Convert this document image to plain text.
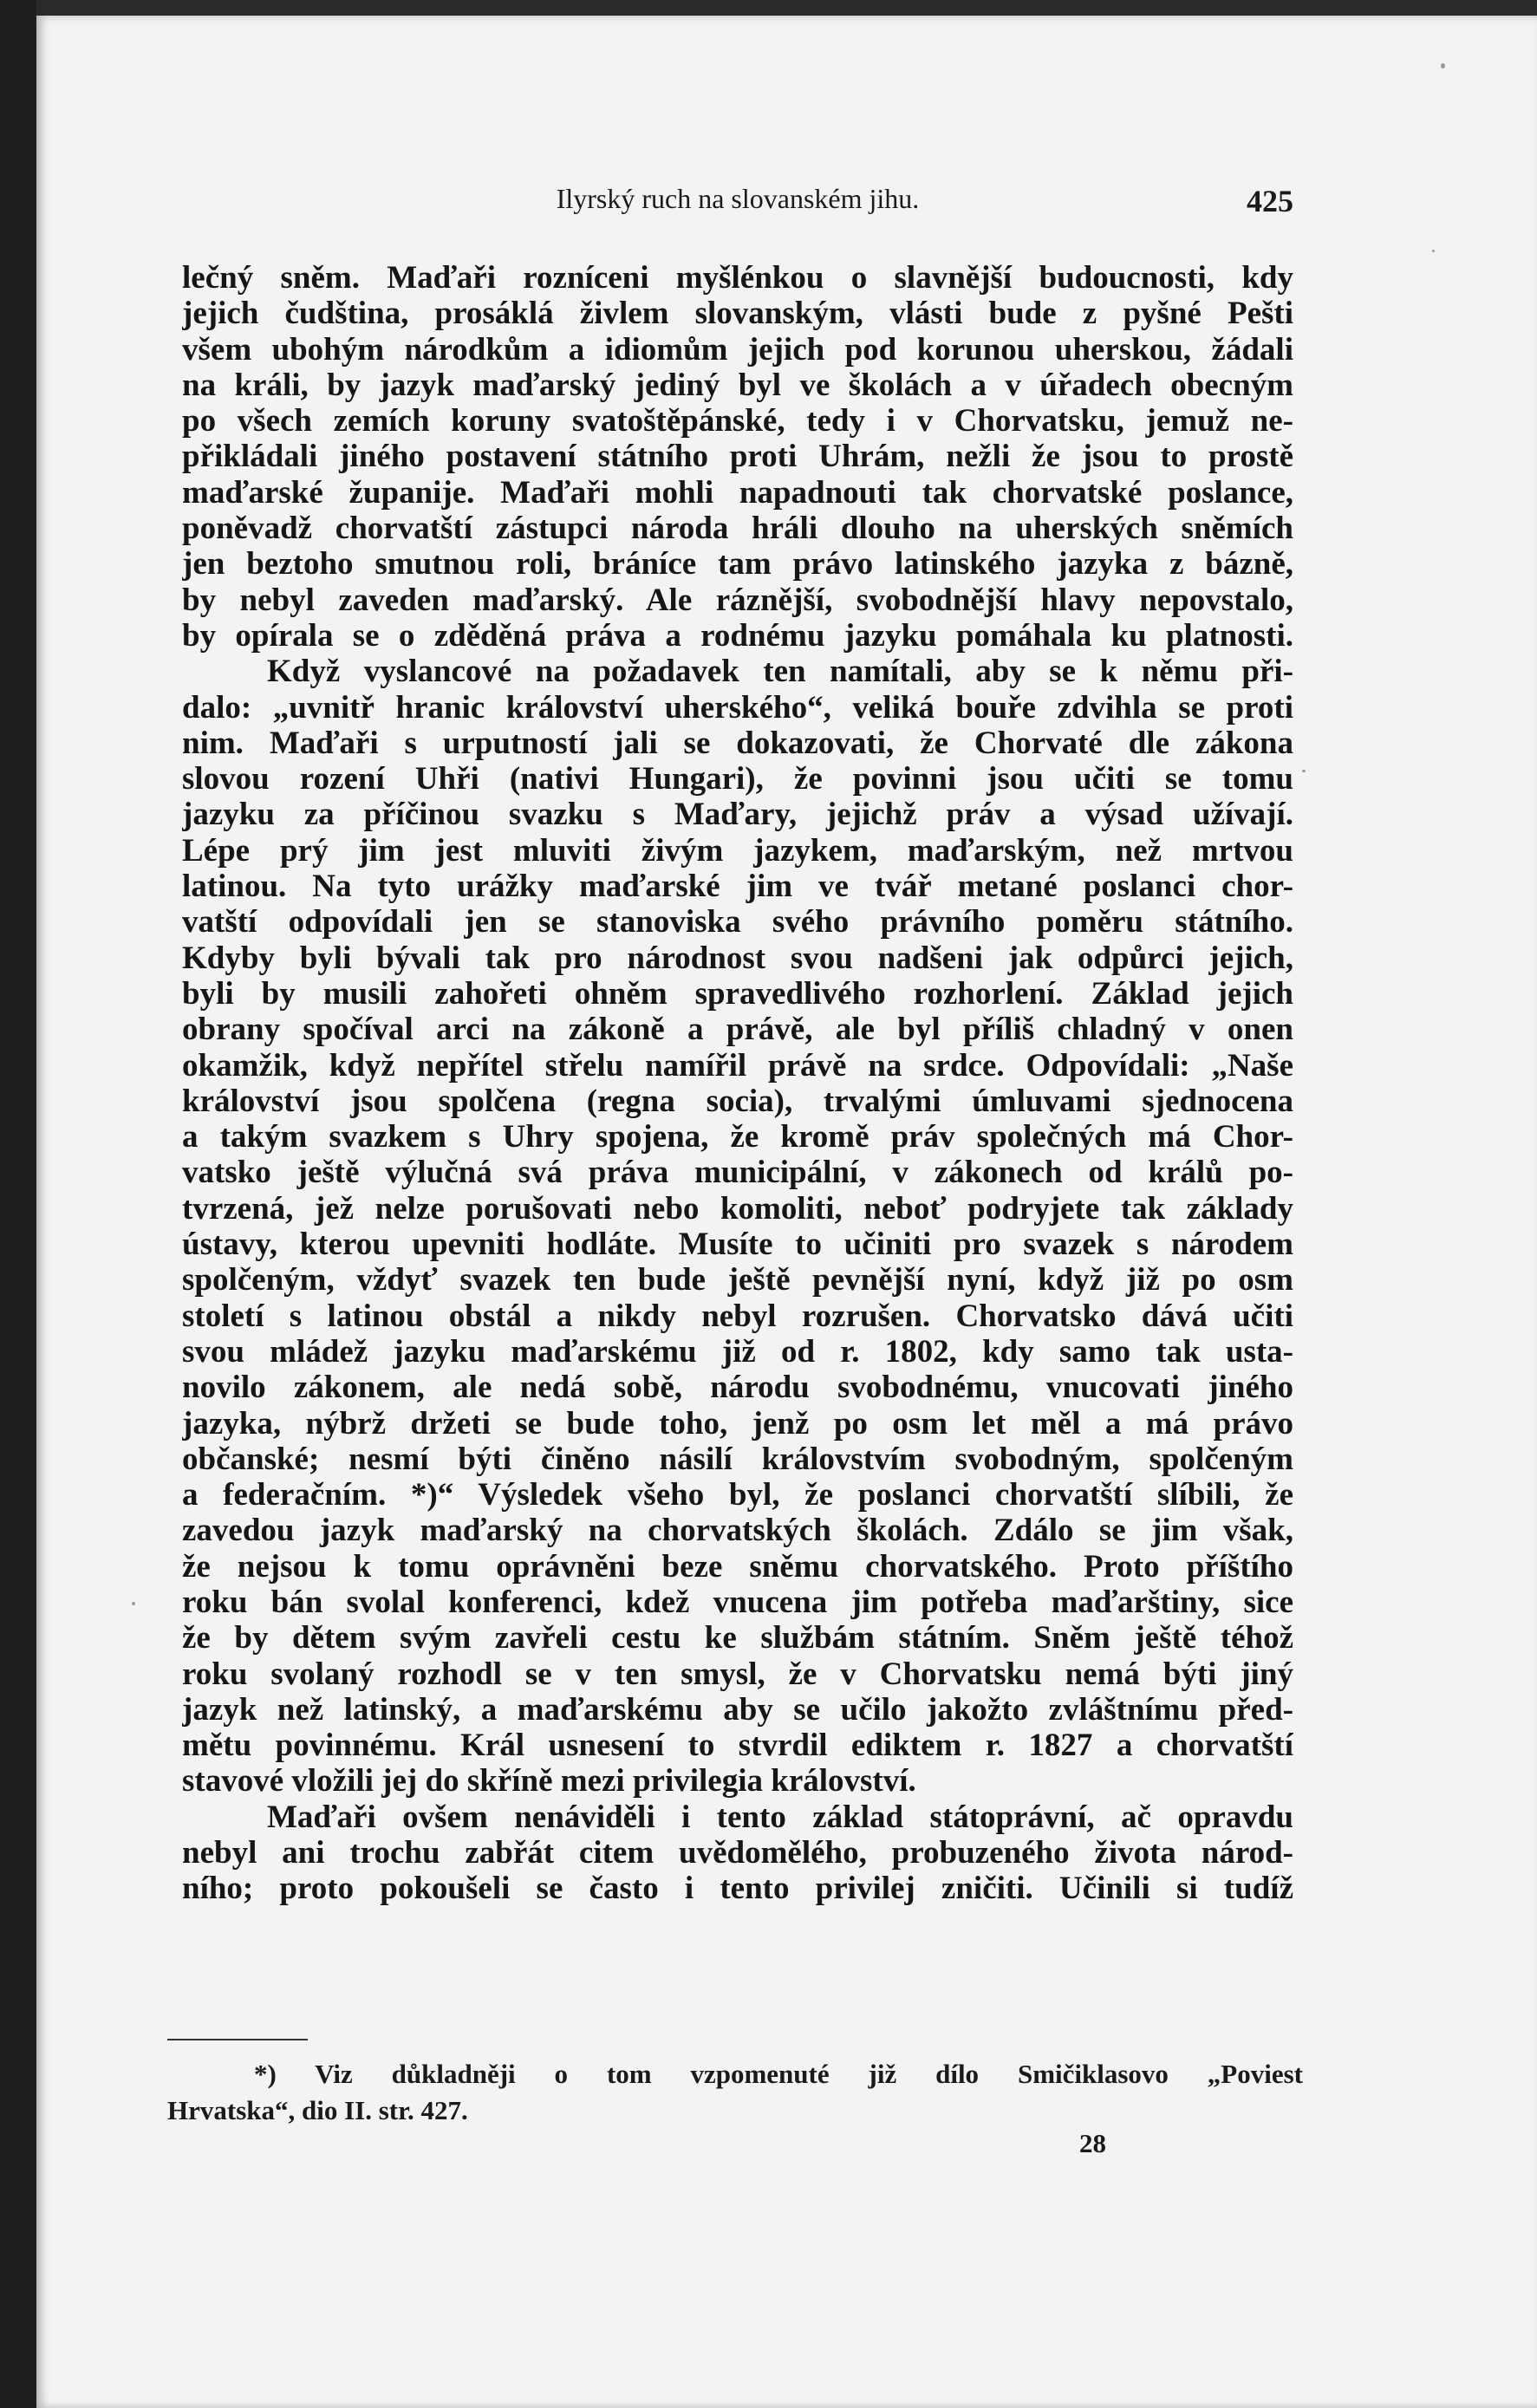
Ilyrský ruch na slovanském jihu.	425
lečný sněm. Maďaři rozníceni myšlénkou o slavnější budoucnosti, kdy
jejich čudština, prosáklá živlem slovanským, vlásti bude z pyšné Pešti
všem ubohým národkům a idiomům jejich pod korunou uherskou, žádali
na králi, by jazyk maďarský jediný byl ve školách a v úřadech obecným
po všech zemích koruny svatoštěpánské, tedy i v Chorvatsku, jemuž ne-
přikládali jiného postavení státního proti Uhrám, nežli že jsou to prostě
maďarské županije. Maďaři mohli napadnouti tak chorvatské poslance,
poněvadž chorvatští zástupci národa hráli dlouho na uherských sněmích
jen beztoho smutnou roli, bráníce tam právo latinského jazyka z bázně,
by nebyl zaveden maďarský. Ale ráznější, svobodnější hlavy nepovstalo,
by opírala se o zděděná práva a rodnému jazyku pomáhala ku platnosti.
Když vyslancové na požadavek ten namítali, aby se k němu při-
dalo: „uvnitř hranic království uherského“, veliká bouře zdvihla se proti
nim. Maďaři s urputností jali se dokazovati, že Chorvaté dle zákona
slovou rození Uhři (nativi Hungari), že povinni jsou učiti se tomu
jazyku za příčinou svazku s Maďary, jejichž práv a výsad užívají.
Lépe prý jim jest mluviti živým jazykem, maďarským, než mrtvou
latinou. Na tyto urážky maďarské jim ve tvář metané poslanci chor-
vatští odpovídali jen se stanoviska svého právního poměru státního.
Kdyby byli bývali tak pro národnost svou nadšeni jak odpůrci jejich,
byli by musili zahořeti ohněm spravedlivého rozhorlení. Základ jejich
obrany spočíval arci na zákoně a právě, ale byl příliš chladný v onen
okamžik, když nepřítel střelu namířil právě na srdce. Odpovídali: „Naše
království jsou spolčena (regna socia), trvalými úmluvami sjednocena
a takým svazkem s Uhry spojena, že kromě práv společných má Chor-
vatsko ještě výlučná svá práva municipální, v zákonech od králů po-
tvrzená, jež nelze porušovati nebo komoliti, neboť podryjete tak základy
ústavy, kterou upevniti hodláte. Musíte to učiniti pro svazek s národem
spolčeným, vždyť svazek ten bude ještě pevnější nyní, když již po osm
století s latinou obstál a nikdy nebyl rozrušen. Chorvatsko dává učiti
svou mládež jazyku maďarskému již od r. 1802, kdy samo tak usta-
novilo zákonem, ale nedá sobě, národu svobodnému, vnucovati jiného
jazyka, nýbrž držeti se bude toho, jenž po osm let měl a má právo
občanské; nesmí býti činěno násilí královstvím svobodným, spolčeným
a federačním. *)“ Výsledek všeho byl, že poslanci chorvatští slíbili, že
zavedou jazyk maďarský na chorvatských školách. Zdálo se jim však,
že nejsou k tomu oprávněni beze sněmu chorvatského. Proto příštího
roku bán svolal konferenci, kdež vnucena jim potřeba maďarštiny, sice
že by dětem svým zavřeli cestu ke službám státním. Sněm ještě téhož
roku svolaný rozhodl se v ten smysl, že v Chorvatsku nemá býti jiný
jazyk než latinský, a maďarskému aby se učilo jakožto zvláštnímu před-
mětu povinnému. Král usnesení to stvrdil ediktem r. 1827 a chorvatští
stavové vložili jej do skříně mezi privilegia království.
Maďaři ovšem nenáviděli i tento základ státoprávní, ač opravdu
nebyl ani trochu zabřát citem uvědomělého, probuzeného života národ-
ního; proto pokoušeli se často i tento privilej zničiti. Učinili si tudíž
*) Viz důkladněji o tom vzpomenuté již dílo Smičiklasovo „Poviest
Hrvatska“, dio II. str. 427.
28
